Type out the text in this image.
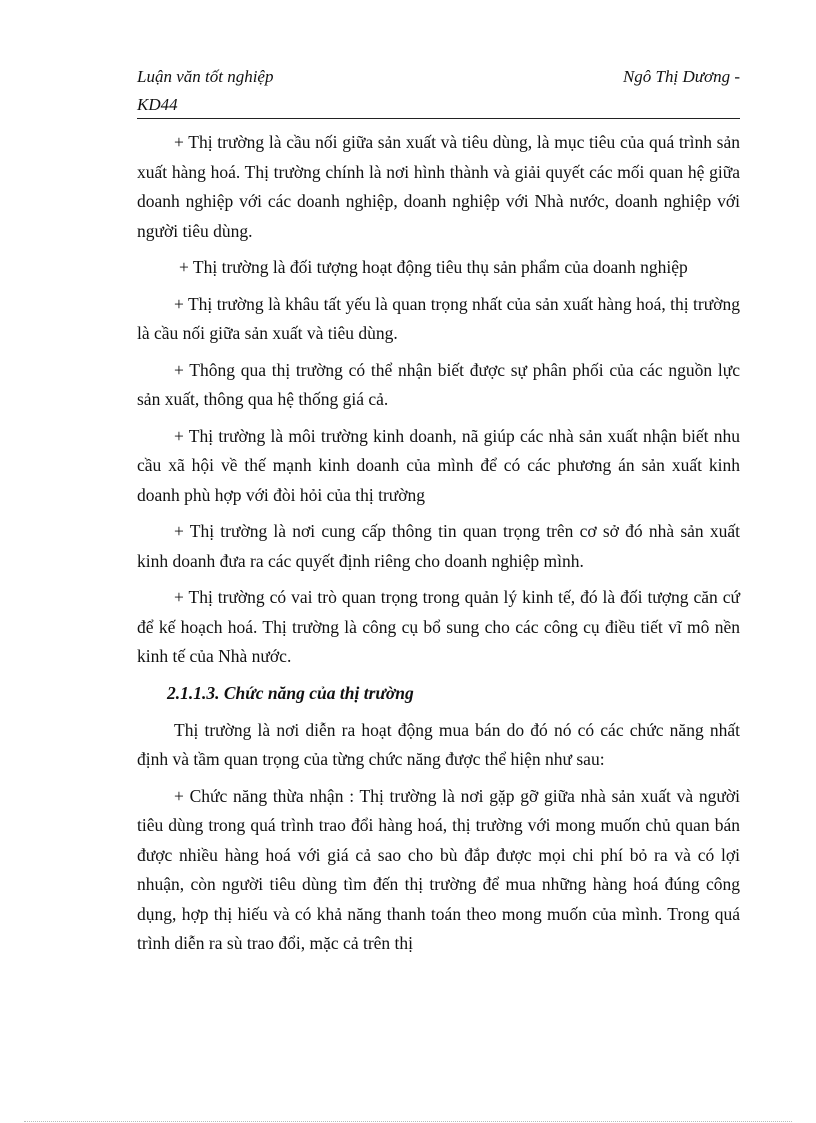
Luận văn tốt nghiệp	Ngô Thị Dương -
KD44

+ Thị trường là cầu nối giữa sản xuất và tiêu dùng, là mục tiêu của quá trình sản xuất hàng hoá. Thị trường chính là nơi hình thành và giải quyết các mối quan hệ giữa doanh nghiệp với các doanh nghiệp, doanh nghiệp với Nhà nước, doanh nghiệp với người tiêu dùng.

+ Thị trường là đối tượng hoạt động tiêu thụ sản phẩm của doanh nghiệp

+ Thị trường là khâu tất yếu là quan trọng nhất của sản xuất hàng hoá, thị trường là cầu nối giữa sản xuất và tiêu dùng.

+ Thông qua thị trường có thể nhận biết được sự phân phối của các nguồn lực sản xuất, thông qua hệ thống giá cả.

+ Thị trường là môi trường kinh doanh, nã giúp các nhà sản xuất nhận biết nhu cầu xã hội về thế mạnh kinh doanh của mình để có các phương án sản xuất kinh doanh phù hợp với đòi hỏi của thị trường

+ Thị trường là nơi cung cấp thông tin quan trọng trên cơ sở đó nhà sản xuất kinh doanh đưa ra các quyết định riêng cho doanh nghiệp mình.

+ Thị trường có vai trò quan trọng trong quản lý kinh tế, đó là đối tượng căn cứ để kế hoạch hoá. Thị trường là công cụ bổ sung cho các công cụ điều tiết vĩ mô nền kinh tế của Nhà nước.

2.1.1.3. Chức năng của thị trường

Thị trường là nơi diễn ra hoạt động mua bán do đó nó có các chức năng nhất định và tầm quan trọng của từng chức năng được thể hiện như sau:

+ Chức năng thừa nhận : Thị trường là nơi gặp gỡ giữa nhà sản xuất và người tiêu dùng trong quá trình trao đổi hàng hoá, thị trường với mong muốn chủ quan bán được nhiều hàng hoá với giá cả sao cho bù đắp được mọi chi phí bỏ ra và có lợi nhuận, còn người tiêu dùng tìm đến thị trường để mua những hàng hoá đúng công dụng, hợp thị hiếu và có khả năng thanh toán theo mong muốn của mình. Trong quá trình diễn ra sù trao đổi, mặc cả trên thị
